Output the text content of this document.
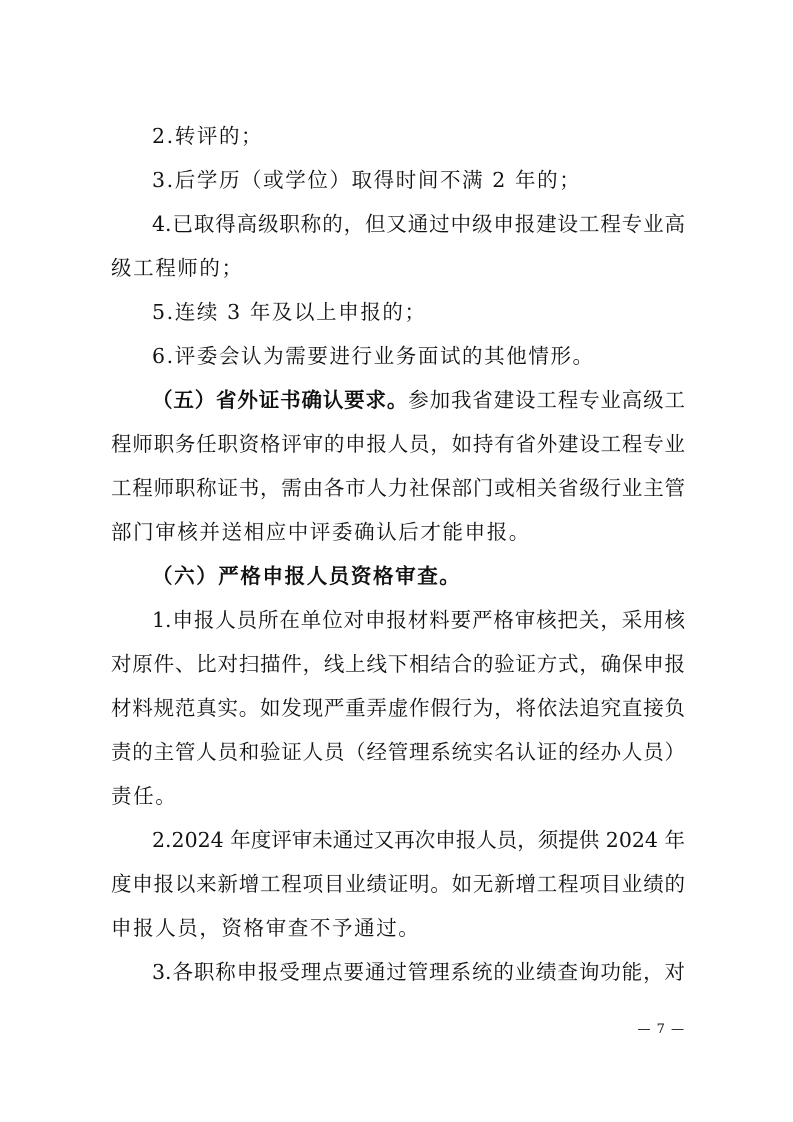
2.转评的；
3.后学历（或学位）取得时间不满 2 年的；
4.已取得高级职称的，但又通过中级申报建设工程专业高
级工程师的；
5.连续 3 年及以上申报的；
6.评委会认为需要进行业务面试的其他情形。
（五）省外证书确认要求。参加我省建设工程专业高级工
程师职务任职资格评审的申报人员，如持有省外建设工程专业
工程师职称证书，需由各市人力社保部门或相关省级行业主管
部门审核并送相应中评委确认后才能申报。
（六）严格申报人员资格审查。
1.申报人员所在单位对申报材料要严格审核把关，采用核
对原件、比对扫描件，线上线下相结合的验证方式，确保申报
材料规范真实。如发现严重弄虚作假行为，将依法追究直接负
责的主管人员和验证人员（经管理系统实名认证的经办人员）
责任。
2.2024 年度评审未通过又再次申报人员，须提供 2024 年
度申报以来新增工程项目业绩证明。如无新增工程项目业绩的
申报人员，资格审查不予通过。
3.各职称申报受理点要通过管理系统的业绩查询功能，对
— 7 —
